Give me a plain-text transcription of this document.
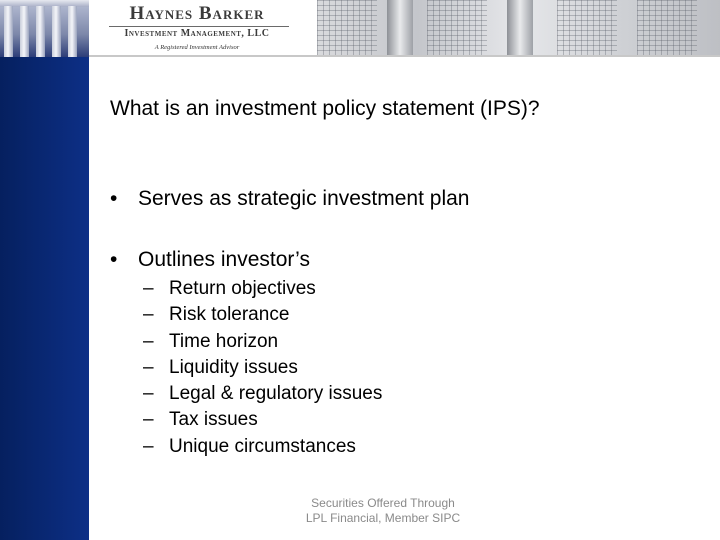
Haynes Barker
Investment Management, LLC
A Registered Investment Advisor
What is an investment policy statement (IPS)?
• Serves as strategic investment plan
• Outlines investor’s
– Return objectives
– Risk tolerance
– Time horizon
– Liquidity issues
– Legal & regulatory issues
– Tax issues
– Unique circumstances
Securities Offered Through
LPL Financial, Member SIPC
